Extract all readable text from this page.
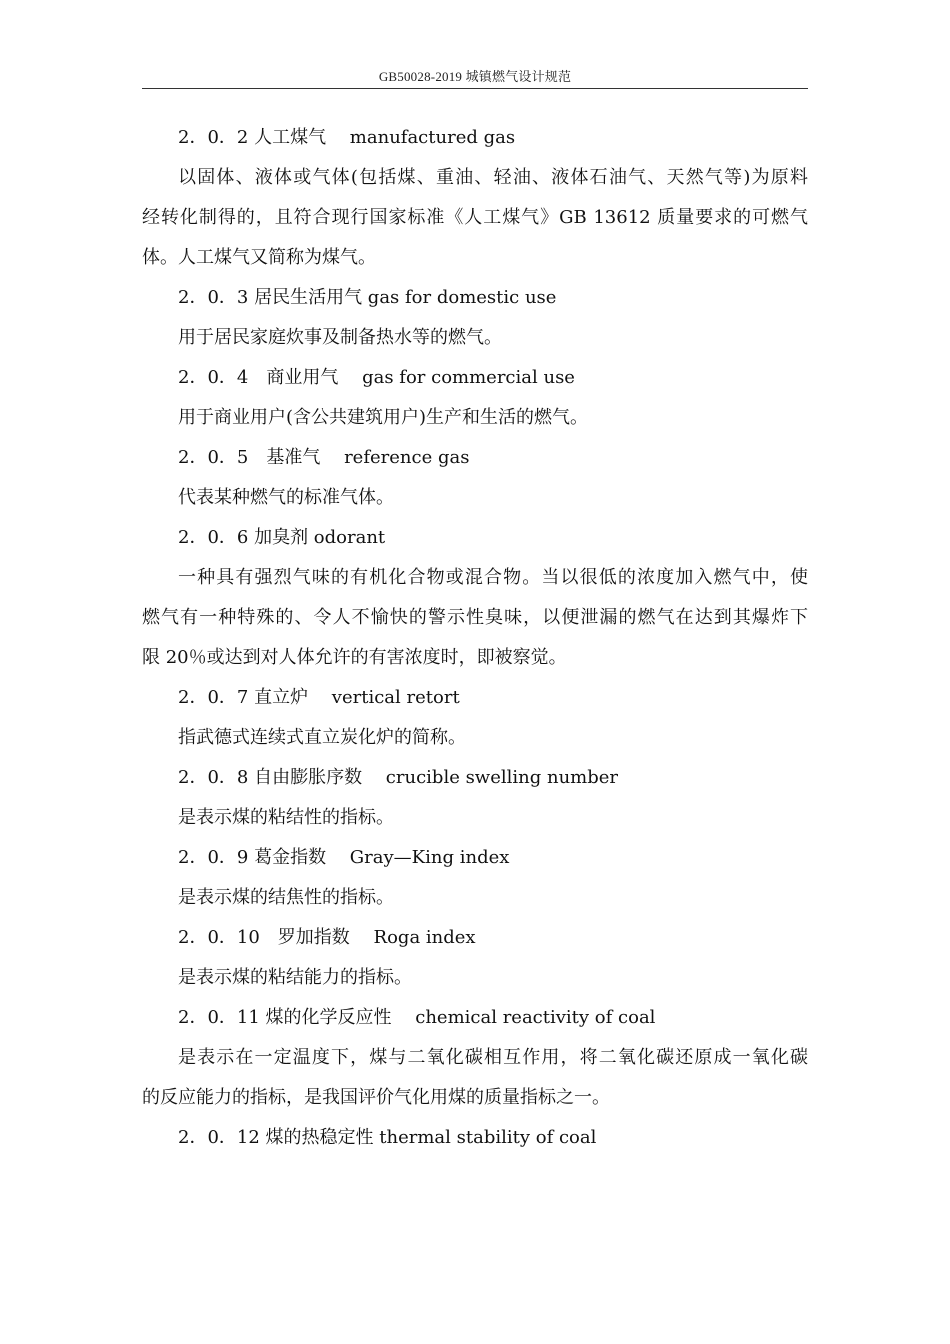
GB50028-2019 城镇燃气设计规范
2．0．2 人工煤气　 manufactured gas
以固体、液体或气体(包括煤、重油、轻油、液体石油气、天然气等)为原料
经转化制得的，且符合现行国家标准《人工煤气》GB 13612 质量要求的可燃气
体。人工煤气又简称为煤气。
2．0．3 居民生活用气 gas for domestic use
用于居民家庭炊事及制备热水等的燃气。
2．0．4　商业用气　 gas for commercial use
用于商业用户(含公共建筑用户)生产和生活的燃气。
2．0．5　基准气　 reference gas
代表某种燃气的标准气体。
2．0．6 加臭剂 odorant
一种具有强烈气味的有机化合物或混合物。当以很低的浓度加入燃气中，使
燃气有一种特殊的、令人不愉快的警示性臭味，以便泄漏的燃气在达到其爆炸下
限 20％或达到对人体允许的有害浓度时，即被察觉。
2．0．7 直立炉　 vertical retort
指武德式连续式直立炭化炉的简称。
2．0．8 自由膨胀序数　 crucible swelling number
是表示煤的粘结性的指标。
2．0．9 葛金指数　 Gray—King index
是表示煤的结焦性的指标。
2．0．10　罗加指数　 Roga index
是表示煤的粘结能力的指标。
2．0．11 煤的化学反应性　 chemical reactivity of coal
是表示在一定温度下，煤与二氧化碳相互作用，将二氧化碳还原成一氧化碳
的反应能力的指标，是我国评价气化用煤的质量指标之一。
2．0．12 煤的热稳定性 thermal stability of coal
